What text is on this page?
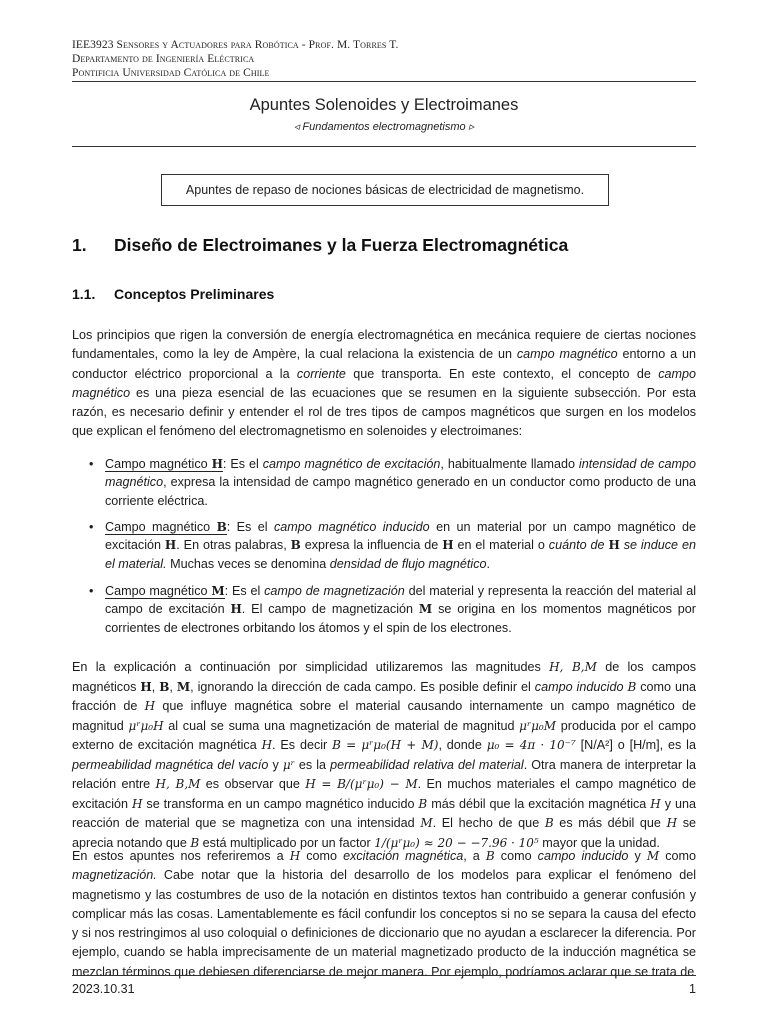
IEE3923 Sensores y Actuadores para Robótica - Prof. M. Torres T.
Departamento de Ingeniería Eléctrica
Pontificia Universidad Católica de Chile
Apuntes Solenoides y Electroimanes
◃ Fundamentos electromagnetismo ▹
Apuntes de repaso de nociones básicas de electricidad de magnetismo.
1. Diseño de Electroimanes y la Fuerza Electromagnética
1.1. Conceptos Preliminares

Los principios que rigen la conversión de energía electromagnética en mecánica requiere de ciertas nociones fundamentales, como la ley de Ampère, la cual relaciona la existencia de un campo magnético entorno a un conductor eléctrico proporcional a la corriente que transporta. En este contexto, el concepto de campo magnético es una pieza esencial de las ecuaciones que se resumen en la siguiente subsección. Por esta razón, es necesario definir y entender el rol de tres tipos de campos magnéticos que surgen en los modelos que explican el fenómeno del electromagnetismo en solenoides y electroimanes:

• Campo magnético H: Es el campo magnético de excitación, habitualmente llamado intensidad de campo magnético, expresa la intensidad de campo magnético generado en un conductor como producto de una corriente eléctrica.
• Campo magnético B: Es el campo magnético inducido en un material por un campo magnético de excitación H. En otras palabras, B expresa la influencia de H en el material o cuánto de H se induce en el material. Muchas veces se denomina densidad de flujo magnético.
• Campo magnético M: Es el campo de magnetización del material y representa la reacción del material al campo de excitación H. El campo de magnetización M se origina en los momentos magnéticos por corrientes de electrones orbitando los átomos y el spin de los electrones.

En la explicación a continuación por simplicidad utilizaremos las magnitudes H, B,M de los campos magnéticos H, B, M, ignorando la dirección de cada campo. Es posible definir el campo inducido B como una fracción de H que influye magnética sobre el material causando internamente un campo magnético de magnitud μʳμ₀H al cual se suma una magnetización de material de magnitud μʳμ₀M producida por el campo externo de excitación magnética H. Es decir B = μʳμ₀(H + M), donde μ₀ = 4π · 10⁻⁷ [N/A²] o [H/m], es la permeabilidad magnética del vacío y μʳ es la permeabilidad relativa del material. Otra manera de interpretar la relación entre H, B,M es observar que H = B/(μʳμ₀) − M. En muchos materiales el campo magnético de excitación H se transforma en un campo magnético inducido B más débil que la excitación magnética H y una reacción de material que se magnetiza con una intensidad M. El hecho de que B es más débil que H se aprecia notando que B está multiplicado por un factor 1/(μʳμ₀) ≈ 20 − −7.96 · 10⁵ mayor que la unidad.

En estos apuntes nos referiremos a H como excitación magnética, a B como campo inducido y M como magnetización. Cabe notar que la historia del desarrollo de los modelos para explicar el fenómeno del magnetismo y las costumbres de uso de la notación en distintos textos han contribuido a generar confusión y complicar más las cosas. Lamentablemente es fácil confundir los conceptos si no se separa la causa del efecto y si nos restringimos al uso coloquial o definiciones de diccionario que no ayudan a esclarecer la diferencia. Por ejemplo, cuando se habla imprecisamente de un material magnetizado producto de la inducción magnética se mezclan términos que debiesen diferenciarse de mejor manera. Por ejemplo, podríamos aclarar que se trata de

2023.10.31	1
